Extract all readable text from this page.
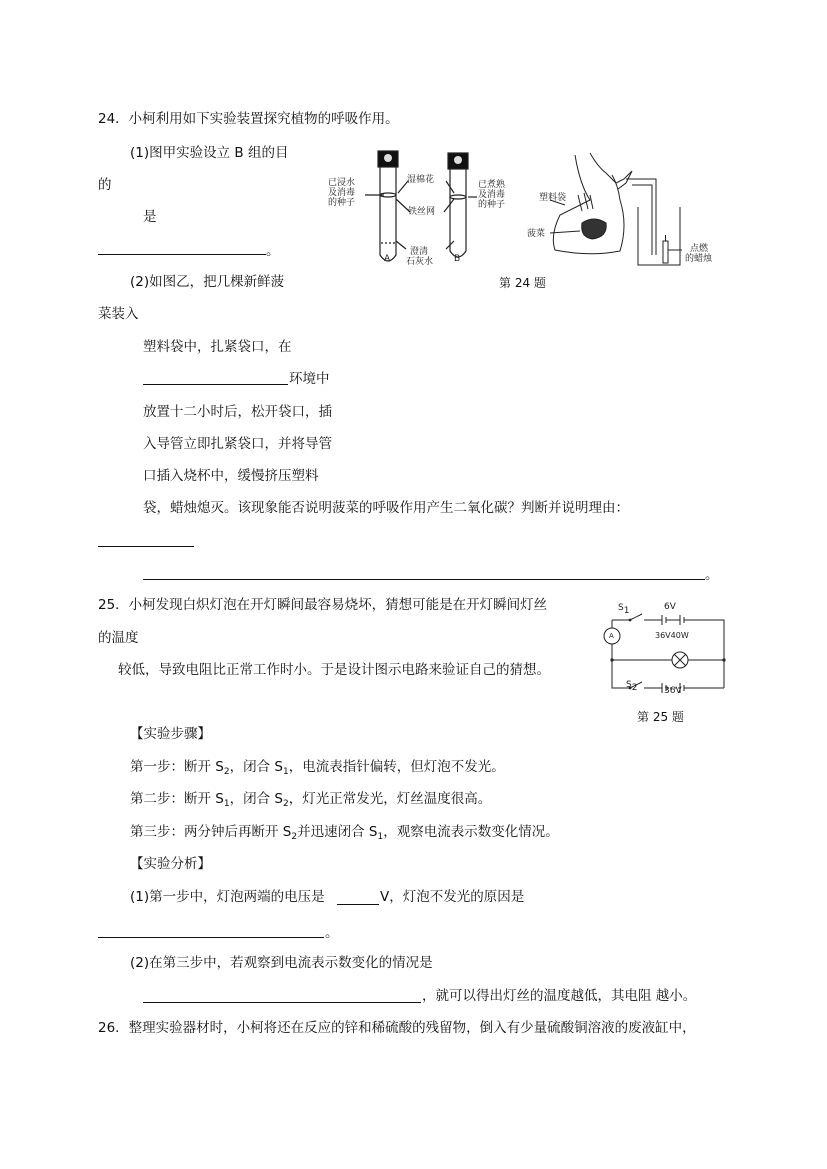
24．小柯利用如下实验装置探究植物的呼吸作用。
(1)图甲实验设立 B 组的目
的
是
。
(2)如图乙，把几棵新鲜菠
菜装入
塑料袋中，扎紧袋口，在
环境中
放置十二小时后，松开袋口，插
入导管立即扎紧袋口，并将导管
口插入烧杯中，缓慢挤压塑料
袋，蜡烛熄灭。该现象能否说明菠菜的呼吸作用产生二氧化碳？判断并说明理由：
。
已浸水
及消毒
的种子
湿棉花
铁丝网
澄清
石灰水
A	B
已煮熟
及消毒
的种子
塑料袋
菠菜
点燃
的蜡烛
第 24 题
25．小柯发现白炽灯泡在开灯瞬间最容易烧坏，猜想可能是在开灯瞬间灯丝
的温度
较低，导致电阻比正常工作时小。于是设计图示电路来验证自己的猜想。
$S_1$	6V
A	36V40W
$S_2$	36V
第 25 题
【实验步骤】
第一步：断开 $S_2$，闭合 $S_1$，电流表指针偏转，但灯泡不发光。
第二步：断开 $S_1$，闭合 $S_2$，灯光正常发光，灯丝温度很高。
第三步：两分钟后再断开 $S_2$并迅速闭合 $S_1$，观察电流表示数变化情况。
【实验分析】
(1)第一步中，灯泡两端的电压是	V，灯泡不发光的原因是
。
(2)在第三步中，若观察到电流表示数变化的情况是
，就可以得出灯丝的温度越低，其电阻 越小。
26．整理实验器材时，小柯将还在反应的锌和稀硫酸的残留物，倒入有少量硫酸铜溶液的废液缸中，
